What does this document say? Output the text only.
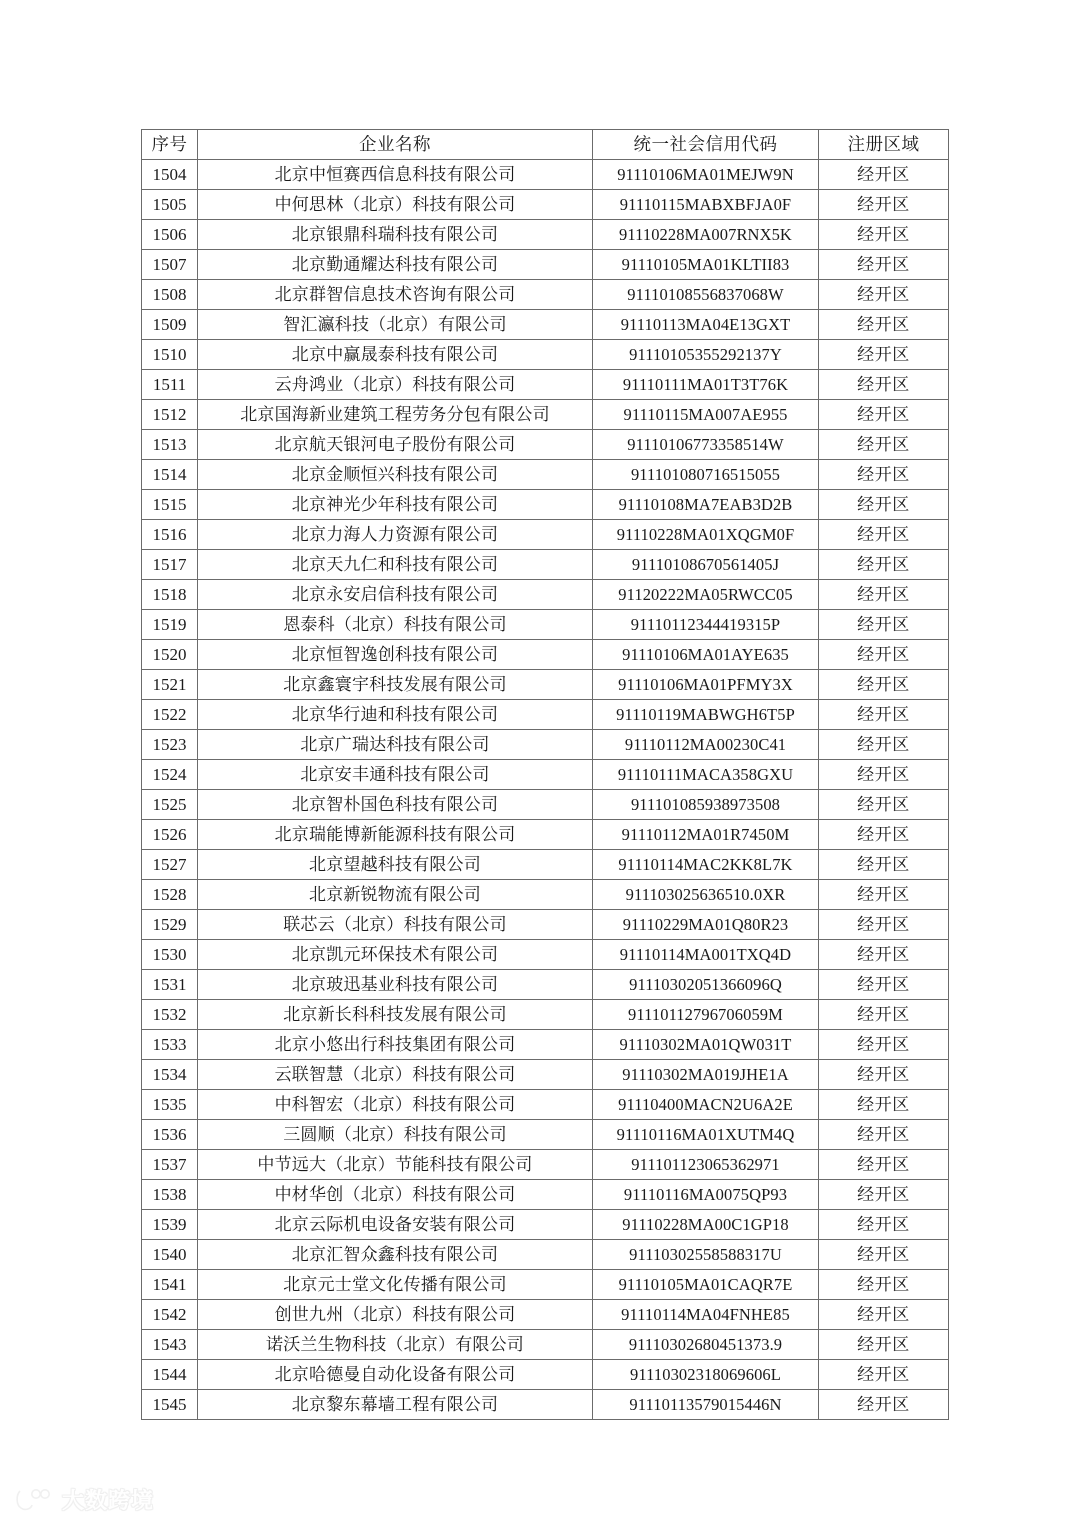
序号	企业名称	统一社会信用代码	注册区域
1504	北京中恒赛西信息科技有限公司	91110106MA01MEJW9N	经开区
1505	中何思林（北京）科技有限公司	91110115MABXBFJA0F	经开区
1506	北京银鼎科瑞科技有限公司	91110228MA007RNX5K	经开区
1507	北京勤通耀达科技有限公司	91110105MA01KLTII83	经开区
1508	北京群智信息技术咨询有限公司	91110108556837068W	经开区
1509	智汇瀛科技（北京）有限公司	91110113MA04E13GXT	经开区
1510	北京中赢晟泰科技有限公司	91110105355292137Y	经开区
1511	云舟鸿业（北京）科技有限公司	91110111MA01T3T76K	经开区
1512	北京国海新业建筑工程劳务分包有限公司	91110115MA007AE955	经开区
1513	北京航天银河电子股份有限公司	91110106773358514W	经开区
1514	北京金顺恒兴科技有限公司	911101080716515055	经开区
1515	北京神光少年科技有限公司	91110108MA7EAB3D2B	经开区
1516	北京力海人力资源有限公司	91110228MA01XQGM0F	经开区
1517	北京天九仁和科技有限公司	91110108670561405J	经开区
1518	北京永安启信科技有限公司	91120222MA05RWCC05	经开区
1519	恩泰科（北京）科技有限公司	91110112344419315P	经开区
1520	北京恒智逸创科技有限公司	91110106MA01AYE635	经开区
1521	北京鑫寰宇科技发展有限公司	91110106MA01PFMY3X	经开区
1522	北京华行迪和科技有限公司	91110119MABWGH6T5P	经开区
1523	北京广瑞达科技有限公司	91110112MA00230C41	经开区
1524	北京安丰通科技有限公司	91110111MACA358GXU	经开区
1525	北京智朴国色科技有限公司	911101085938973508	经开区
1526	北京瑞能博新能源科技有限公司	91110112MA01R7450M	经开区
1527	北京望越科技有限公司	91110114MAC2KK8L7K	经开区
1528	北京新锐物流有限公司	911103025636510.0XR	经开区
1529	联芯云（北京）科技有限公司	91110229MA01Q80R23	经开区
1530	北京凯元环保技术有限公司	91110114MA001TXQ4D	经开区
1531	北京玻迅基业科技有限公司	91110302051366096Q	经开区
1532	北京新长科科技发展有限公司	91110112796706059M	经开区
1533	北京小悠出行科技集团有限公司	91110302MA01QW031T	经开区
1534	云联智慧（北京）科技有限公司	91110302MA019JHE1A	经开区
1535	中科智宏（北京）科技有限公司	91110400MACN2U6A2E	经开区
1536	三圆顺（北京）科技有限公司	91110116MA01XUTM4Q	经开区
1537	中节远大（北京）节能科技有限公司	911101123065362971	经开区
1538	中材华创（北京）科技有限公司	91110116MA0075QP93	经开区
1539	北京云际机电设备安装有限公司	91110228MA00C1GP18	经开区
1540	北京汇智众鑫科技有限公司	91110302558588317U	经开区
1541	北京元士堂文化传播有限公司	91110105MA01CAQR7E	经开区
1542	创世九州（北京）科技有限公司	91110114MA04FNHE85	经开区
1543	诺沃兰生物科技（北京）有限公司	91110302680451373.9	经开区
1544	北京哈德曼自动化设备有限公司	91110302318069606L	经开区
1545	北京黎东幕墙工程有限公司	91110113579015446N	经开区
大数跨境
